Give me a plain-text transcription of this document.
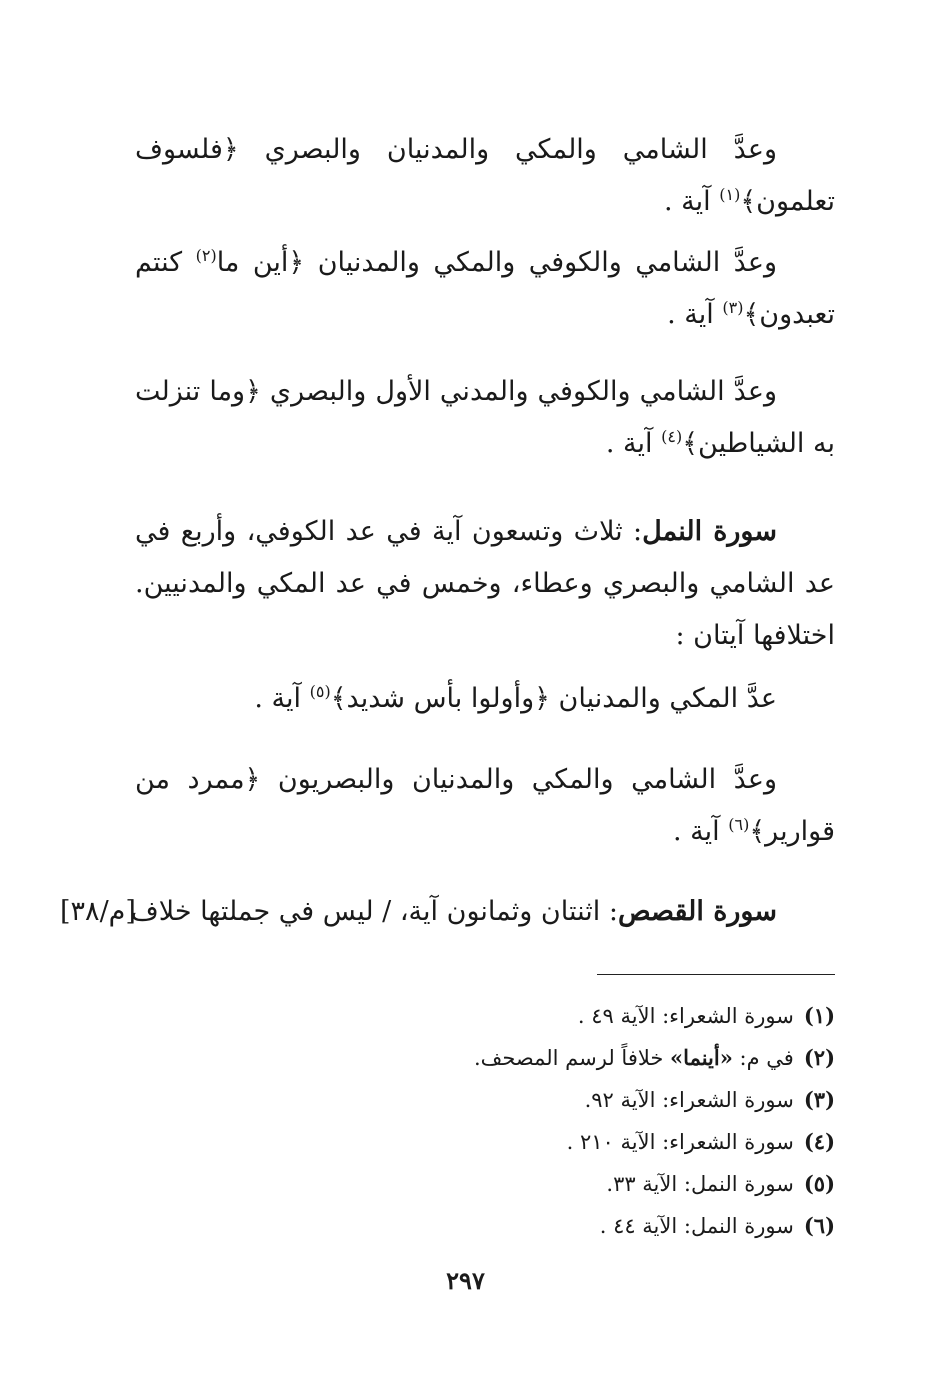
وعدَّ الشامي والمكي والمدنيان والبصري ﴿فلسوف تعلمون﴾$^{(١)}$ آية .
وعدَّ الشامي والكوفي والمكي والمدنيان ﴿أين ما$^{(٢)}$ كنتم تعبدون﴾$^{(٣)}$ آية .
وعدَّ الشامي والكوفي والمدني الأول والبصري ﴿وما تنزلت به الشياطين﴾$^{(٤)}$ آية .
سورة النمل: ثلاث وتسعون آية في عد الكوفي، وأربع في عد الشامي والبصري وعطاء، وخمس في عد المكي والمدنيين. اختلافها آيتان :
عدَّ المكي والمدنيان ﴿وأولوا بأس شديد﴾$^{(٥)}$ آية .
وعدَّ الشامي والمكي والمدنيان والبصريون ﴿ممرد من قوارير﴾$^{(٦)}$ آية .
سورة القصص: اثنتان وثمانون آية، / ليس في جملتها خلاف
[م/٣٨]
(١)سورة الشعراء: الآية ٤٩ .
(٢)في م: «أينما» خلافاً لرسم المصحف.
(٣)سورة الشعراء: الآية ٩٢.
(٤)سورة الشعراء: الآية ٢١٠ .
(٥)سورة النمل: الآية ٣٣.
(٦)سورة النمل: الآية ٤٤ .
٢٩٧
